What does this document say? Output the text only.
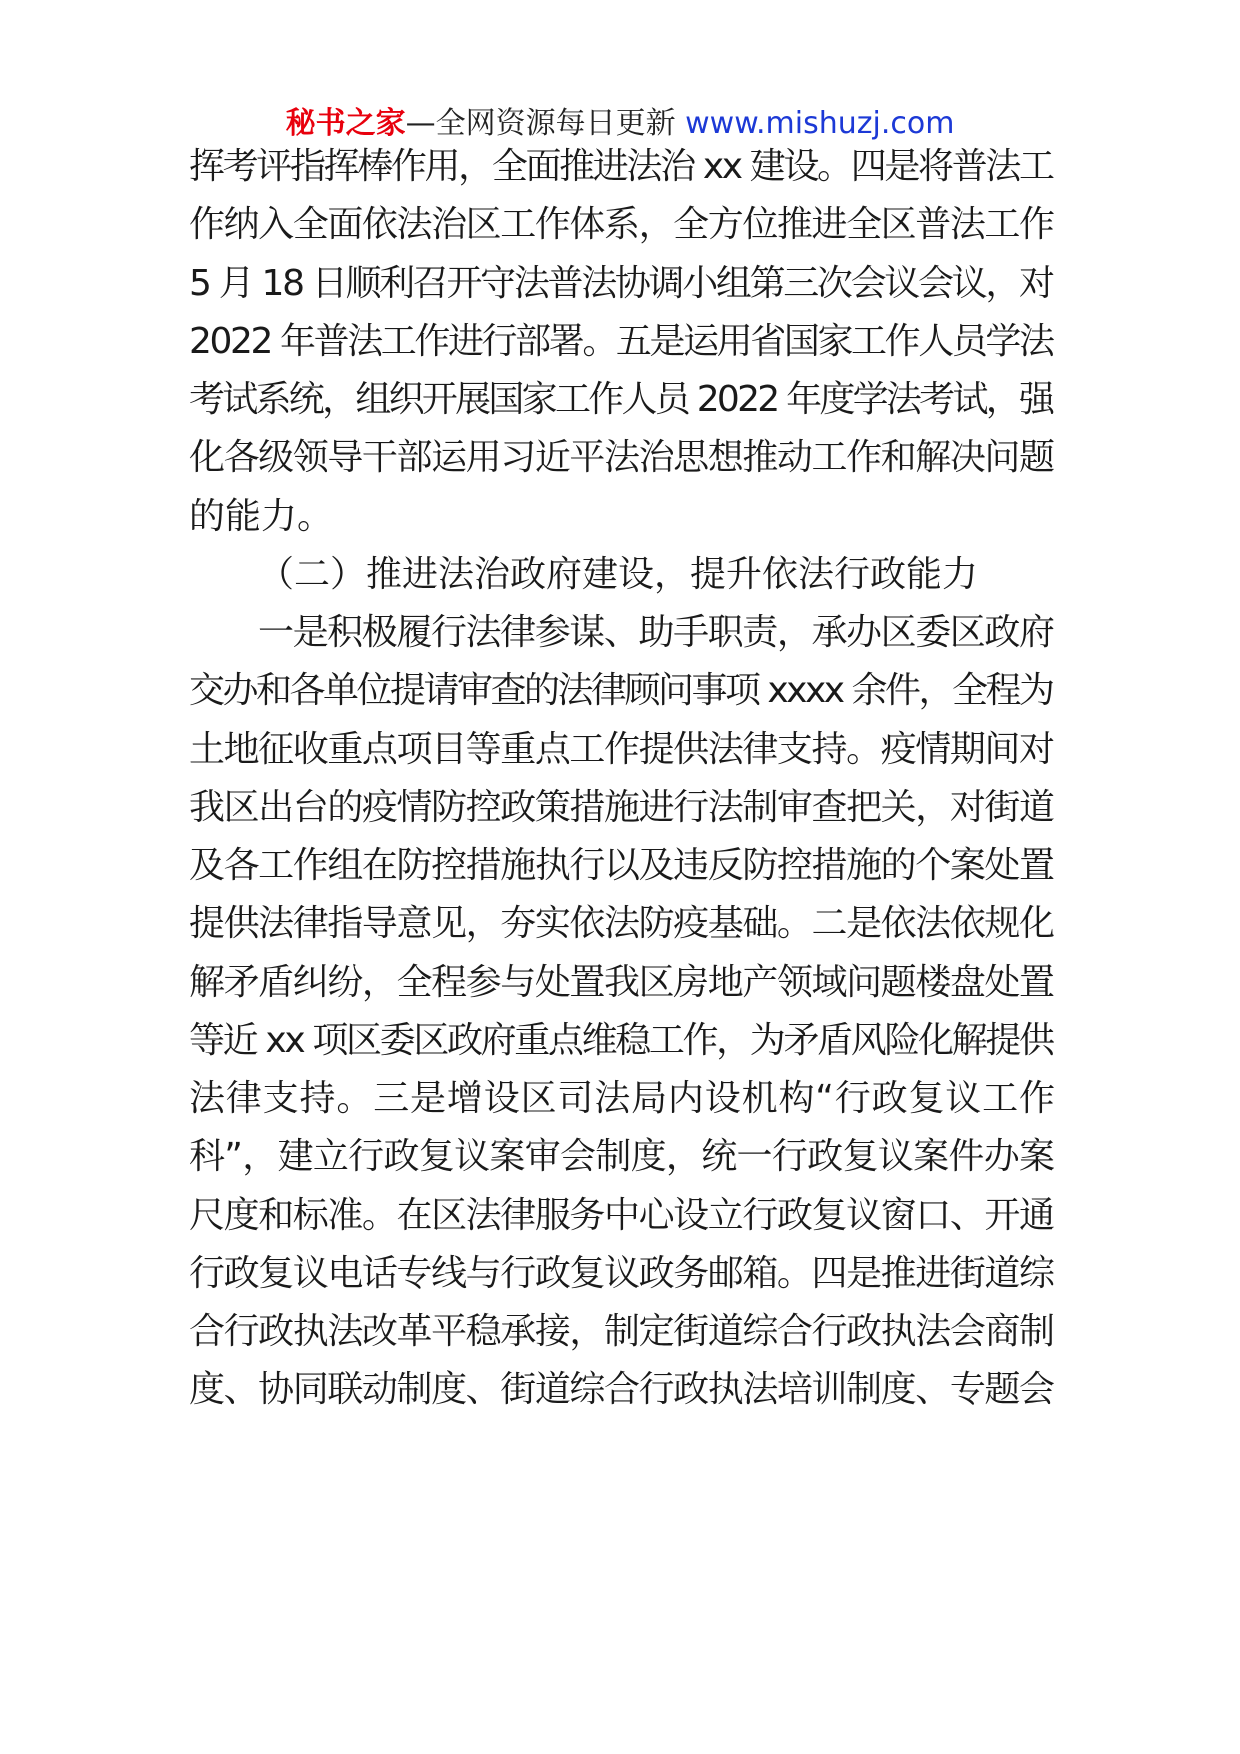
秘书之家—全网资源每日更新 www.mishuzj.com
挥考评指挥棒作用，全面推进法治 xx 建设。四是将普法工
作纳入全面依法治区工作体系，全方位推进全区普法工作
5 月 18 日顺利召开守法普法协调小组第三次会议会议，对
2022 年普法工作进行部署。五是运用省国家工作人员学法
考试系统，组织开展国家工作人员 2022 年度学法考试，强
化各级领导干部运用习近平法治思想推动工作和解决问题
的能力。
（二）推进法治政府建设，提升依法行政能力
一是积极履行法律参谋、助手职责，承办区委区政府
交办和各单位提请审查的法律顾问事项 xxxx 余件，全程为
土地征收重点项目等重点工作提供法律支持。疫情期间对
我区出台的疫情防控政策措施进行法制审查把关，对街道
及各工作组在防控措施执行以及违反防控措施的个案处置
提供法律指导意见，夯实依法防疫基础。二是依法依规化
解矛盾纠纷，全程参与处置我区房地产领域问题楼盘处置
等近 xx 项区委区政府重点维稳工作，为矛盾风险化解提供
法律支持。三是增设区司法局内设机构“行政复议工作
科”，建立行政复议案审会制度，统一行政复议案件办案
尺度和标准。在区法律服务中心设立行政复议窗口、开通
行政复议电话专线与行政复议政务邮箱。四是推进街道综
合行政执法改革平稳承接，制定街道综合行政执法会商制
度、协同联动制度、街道综合行政执法培训制度、专题会
